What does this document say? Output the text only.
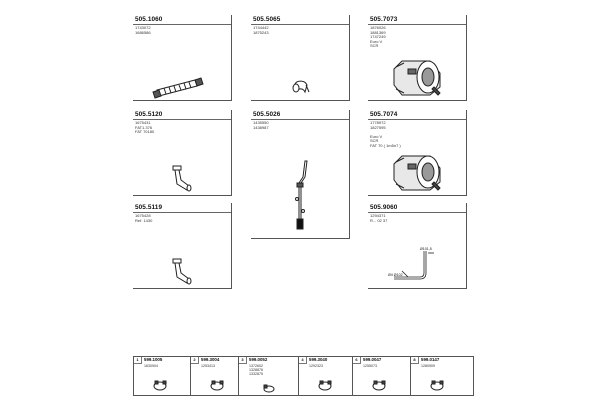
505.1060
1743072
1686586
505.5065
1744442
1875243
505.7073
1876026
1881369
1747249
Euro V
SCR
505.5120
1675431
FAT1.376
FAT 70180
505.5026
1435550
1438987
505.7074
1778972
1827595

Euro V
SCR
FAT 70 ( 1m5n7 )
505.5119
1675428
Ref. 1430
505.9060
1294371
R... 02 37
Ø101,5
Ø4 Ø102
1	599.1005
1630904
2	599.3004
1253413
3	599.0052
1372602
1328876
1332875
4	599.3040
1292323
6	599.0047
1255073
8	599.0147
1280909
